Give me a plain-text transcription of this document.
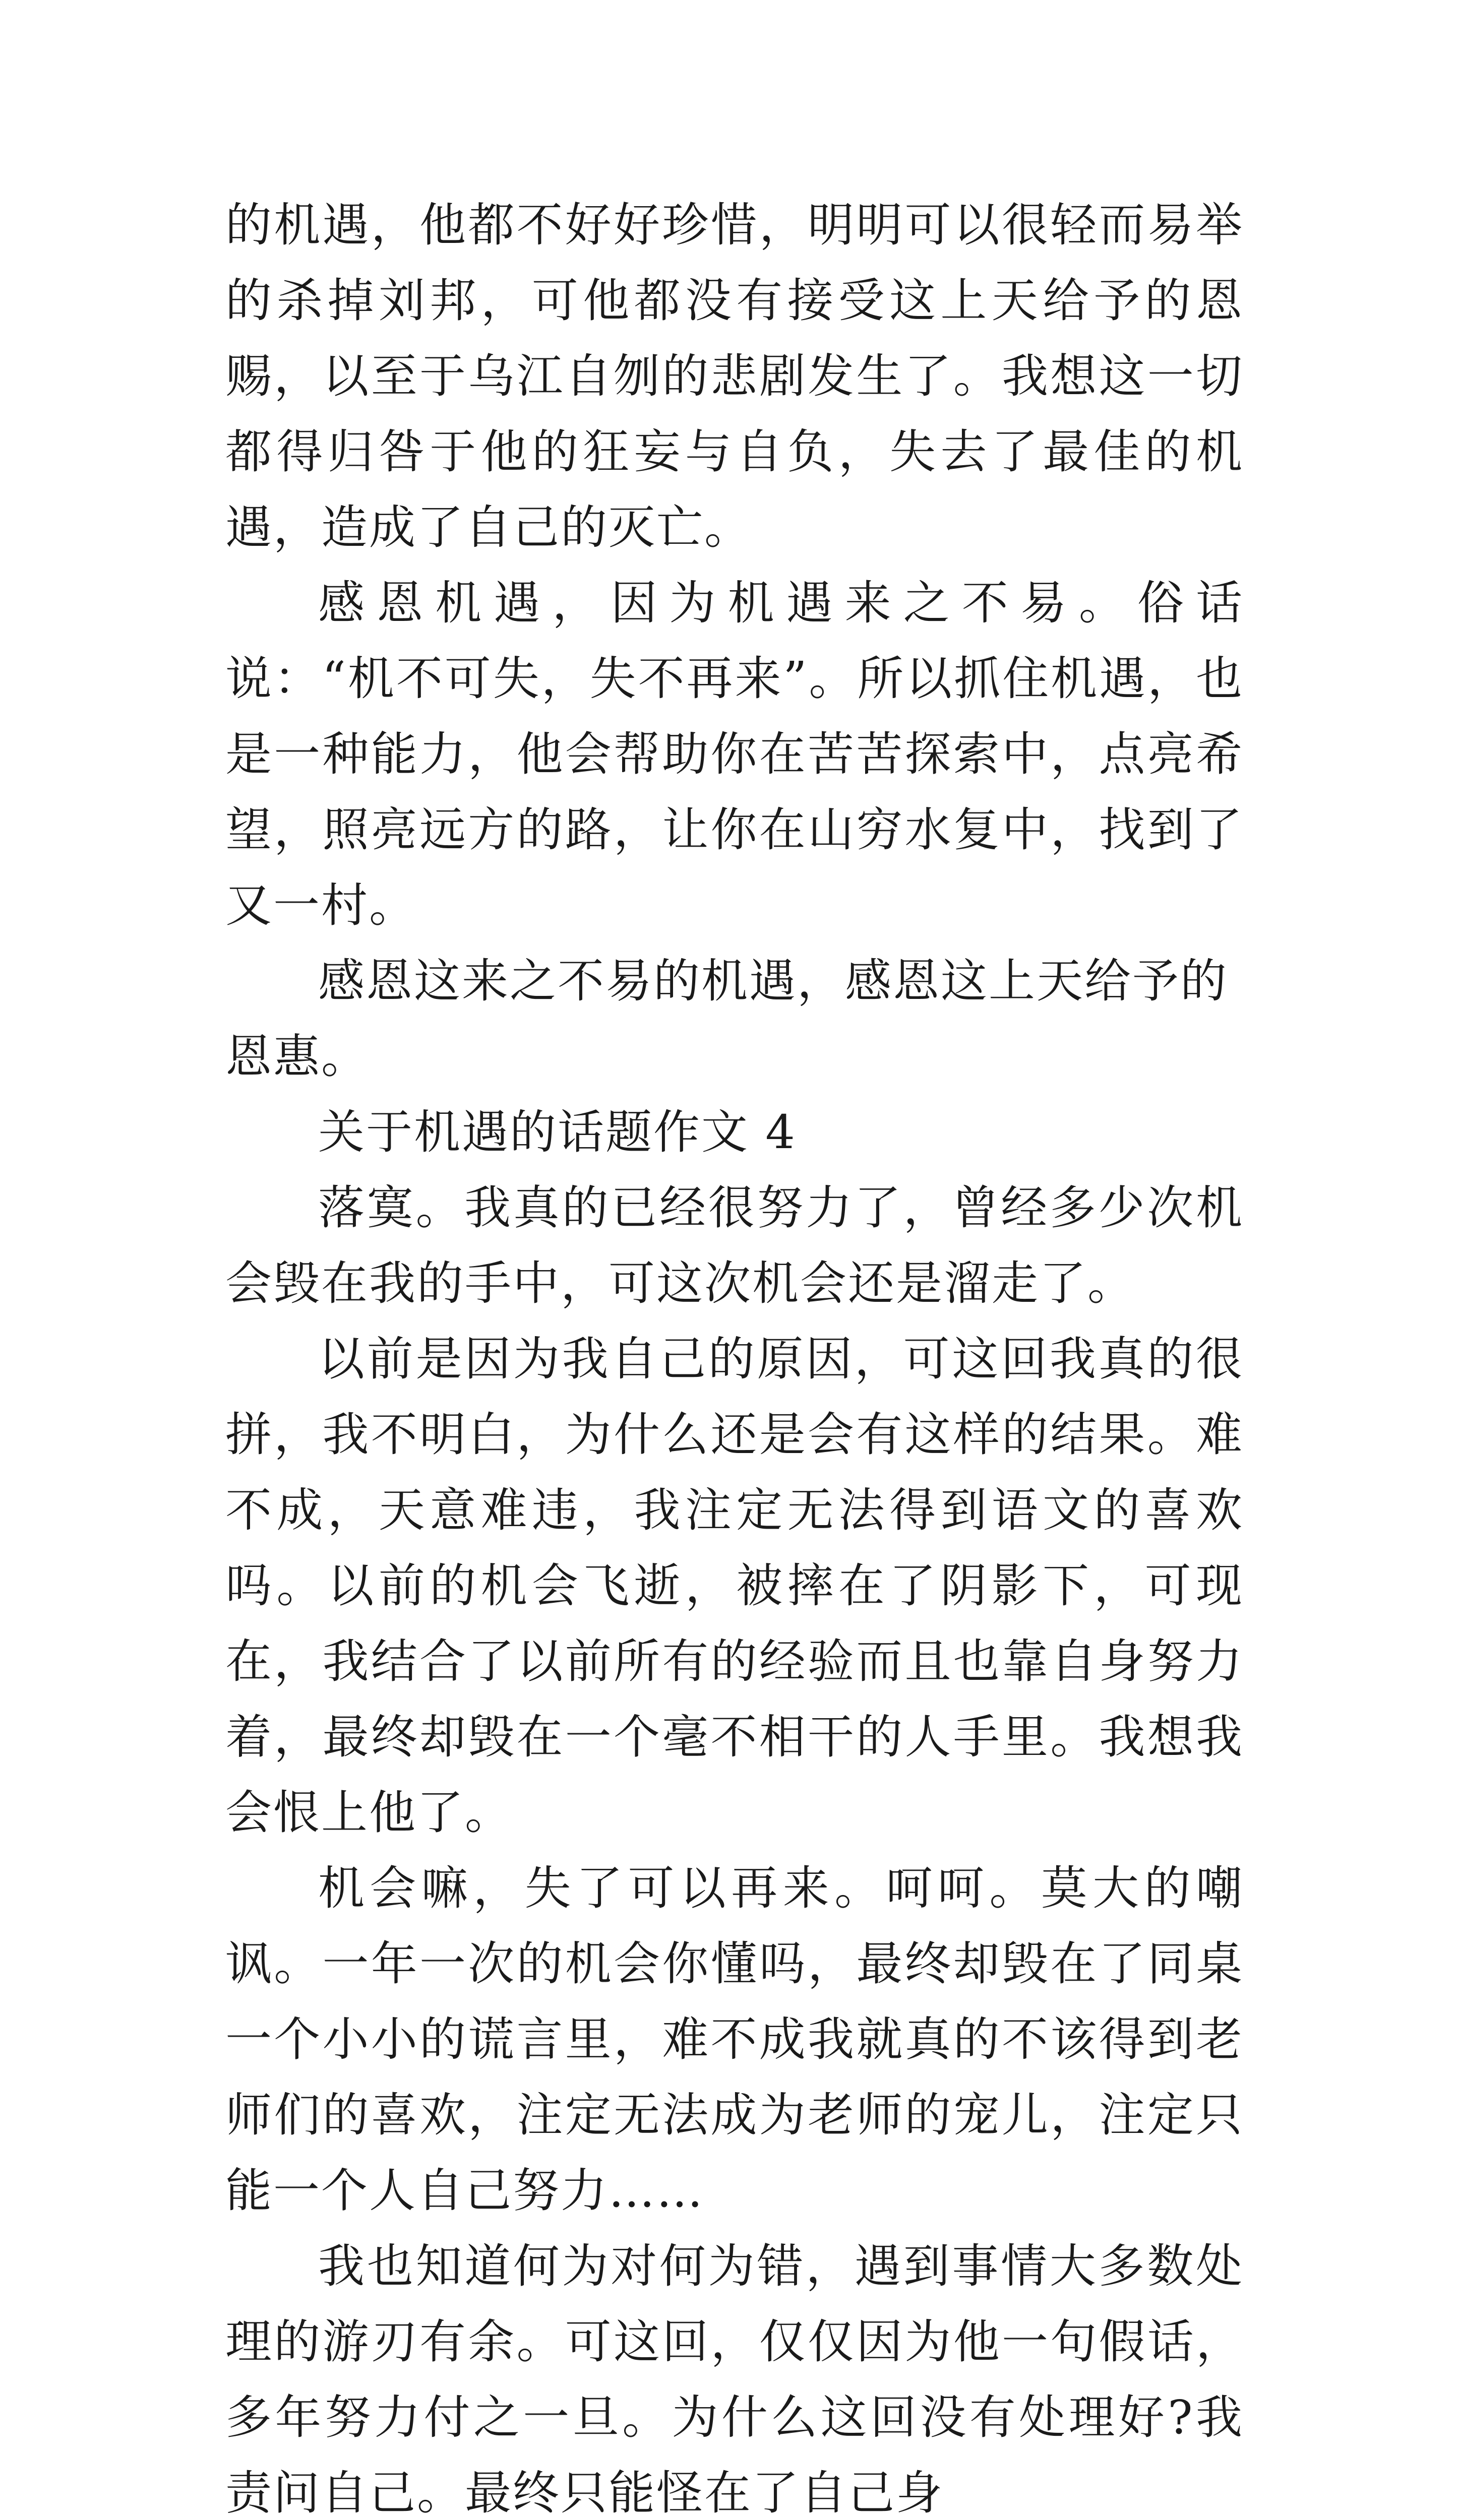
的机遇，他都不好好珍惜，明明可以很轻而易举的杀掉刘邦，可他都没有接受这上天给予的恩赐，以至于乌江自刎的悲剧发生了。我想这一切都得归咎于他的狂妄与自负，失去了最佳的机遇，造成了自己的灭亡。

感恩机遇，因为机遇来之不易。俗话说：“机不可失，失不再来”。所以抓住机遇，也是一种能力，他会帮助你在苦苦探索中，点亮希望，照亮远方的路，让你在山穷水复中，找到了又一村。

感恩这来之不易的机遇，感恩这上天给予的恩惠。

关于机遇的话题作文 4

落寞。我真的已经很努力了，曾经多少次机会毁在我的手中，可这次机会还是溜走了。

以前是因为我自己的原因，可这回我真的很拼，我不明白，为什么还是会有这样的结果。难不成，天意难违，我注定无法得到语文的喜欢吗。以前的机会飞逝，被摔在了阴影下，可现在，我结合了以前所有的经验而且也靠自身努力着，最终却毁在一个毫不相干的人手里。我想我会恨上他了。

机会嘛，失了可以再来。呵呵。莫大的嘲讽。一年一次的机会你懂吗，最终却毁在了同桌一个小小的谎言里，难不成我就真的不该得到老师们的喜欢，注定无法成为老师的宠儿，注定只能一个人自己努力……

我也知道何为对何为错，遇到事情大多数处理的游刃有余。可这回，仅仅因为他一句假话，多年努力付之一旦。为什么这回没有处理好?我责问自己。最终只能怪在了自己身
